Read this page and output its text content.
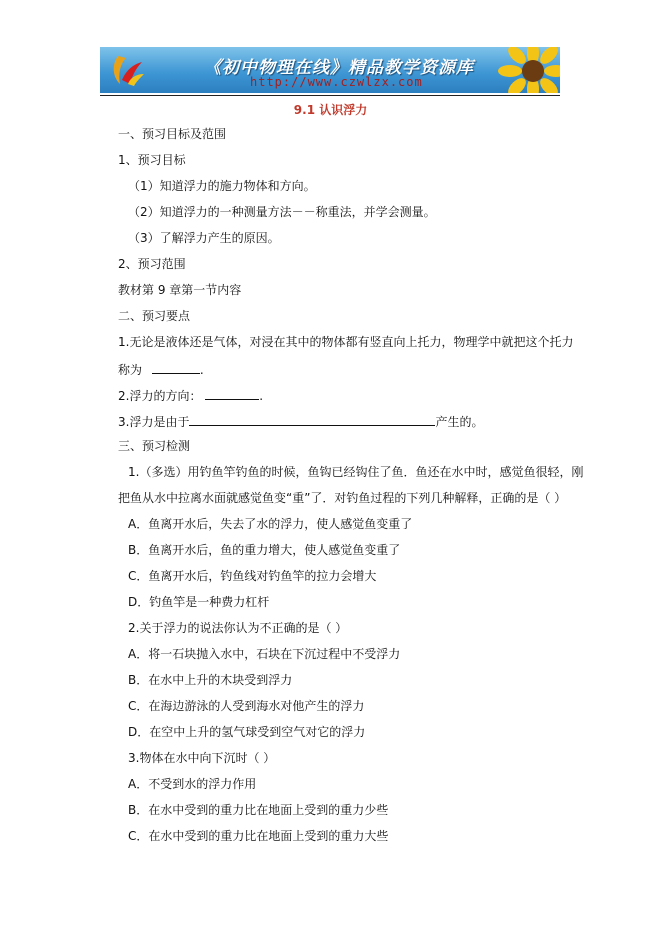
《初中物理在线》精品教学资源库
http://www.czwlzx.com
9.1 认识浮力
一、预习目标及范围
1、预习目标
（1）知道浮力的施力物体和方向。
（2）知道浮力的一种测量方法－－称重法，并学会测量。
（3）了解浮力产生的原因。
2、预习范围
教材第 9 章第一节内容
二、预习要点
1.无论是液体还是气体，对浸在其中的物体都有竖直向上托力，物理学中就把这个托力
称为	.
2.浮力的方向：	.
3.浮力是由于	产生的。
三、预习检测
1.（多选）用钓鱼竿钓鱼的时候，鱼钩已经钩住了鱼．鱼还在水中时，感觉鱼很轻，刚
把鱼从水中拉离水面就感觉鱼变“重”了．对钓鱼过程的下列几种解释，正确的是（ ）
A．鱼离开水后，失去了水的浮力，使人感觉鱼变重了
B．鱼离开水后，鱼的重力增大，使人感觉鱼变重了
C．鱼离开水后，钓鱼线对钓鱼竿的拉力会增大
D．钓鱼竿是一种费力杠杆
2.关于浮力的说法你认为不正确的是（ ）
A．将一石块抛入水中，石块在下沉过程中不受浮力
B．在水中上升的木块受到浮力
C．在海边游泳的人受到海水对他产生的浮力
D．在空中上升的氢气球受到空气对它的浮力
3.物体在水中向下沉时（ ）
A．不受到水的浮力作用
B．在水中受到的重力比在地面上受到的重力少些
C．在水中受到的重力比在地面上受到的重力大些
